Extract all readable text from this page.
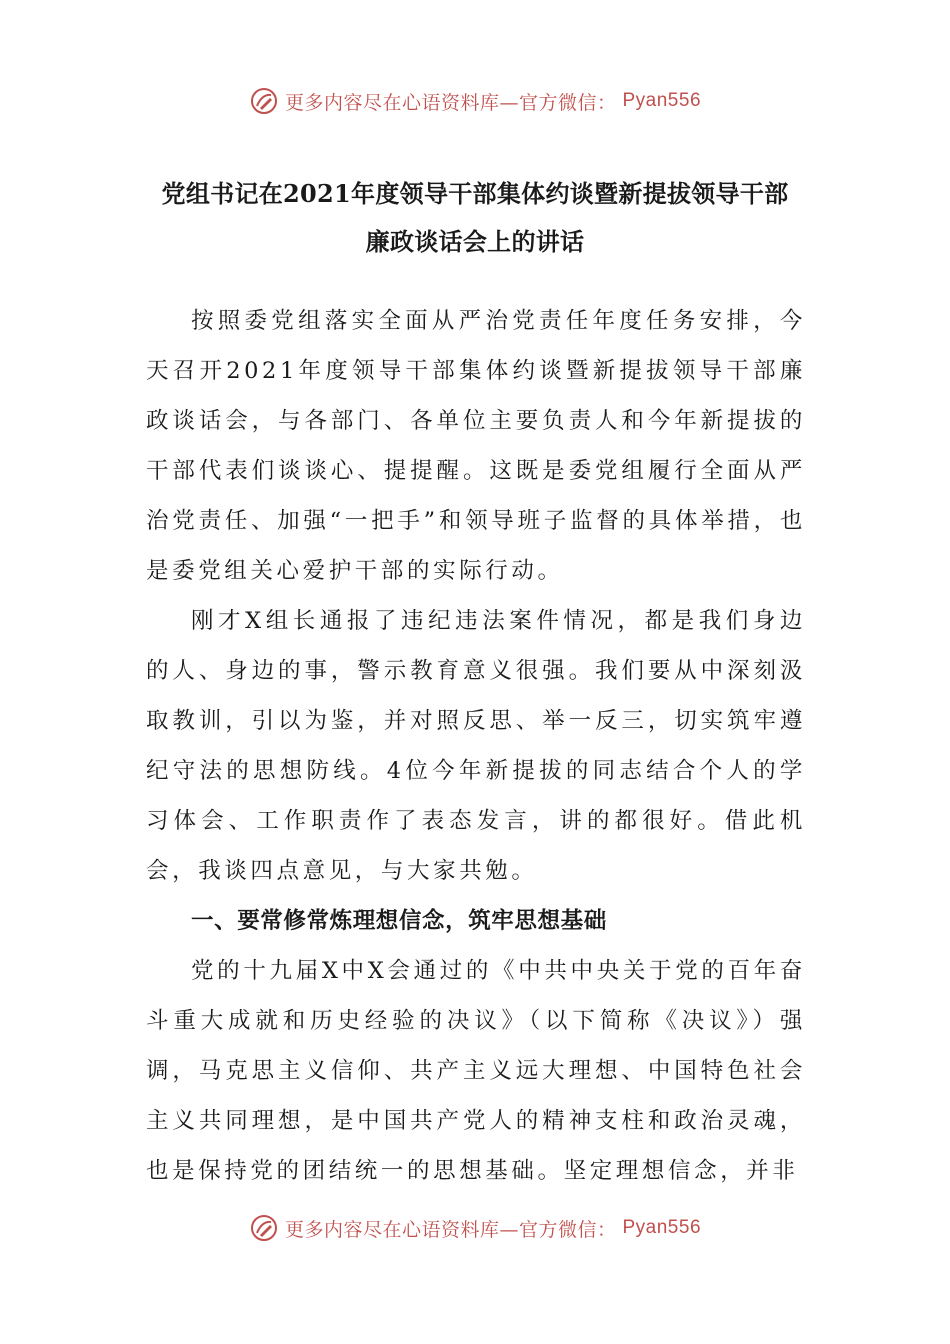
更多内容尽在心语资料库—官方微信： Pyan556
党组书记在2021年度领导干部集体约谈暨新提拔领导干部
廉政谈话会上的讲话

按照委党组落实全面从严治党责任年度任务安排，今天召开2021年度领导干部集体约谈暨新提拔领导干部廉政谈话会，与各部门、各单位主要负责人和今年新提拔的干部代表们谈谈心、提提醒。这既是委党组履行全面从严治党责任、加强“一把手”和领导班子监督的具体举措，也是委党组关心爱护干部的实际行动。

刚才X组长通报了违纪违法案件情况，都是我们身边的人、身边的事，警示教育意义很强。我们要从中深刻汲取教训，引以为鉴，并对照反思、举一反三，切实筑牢遵纪守法的思想防线。4位今年新提拔的同志结合个人的学习体会、工作职责作了表态发言，讲的都很好。借此机会，我谈四点意见，与大家共勉。

一、要常修常炼理想信念，筑牢思想基础

党的十九届X中X会通过的《中共中央关于党的百年奋斗重大成就和历史经验的决议》（以下简称《决议》）强调，马克思主义信仰、共产主义远大理想、中国特色社会主义共同理想，是中国共产党人的精神支柱和政治灵魂，也是保持党的团结统一的思想基础。坚定理想信念，并非

更多内容尽在心语资料库—官方微信： Pyan556
